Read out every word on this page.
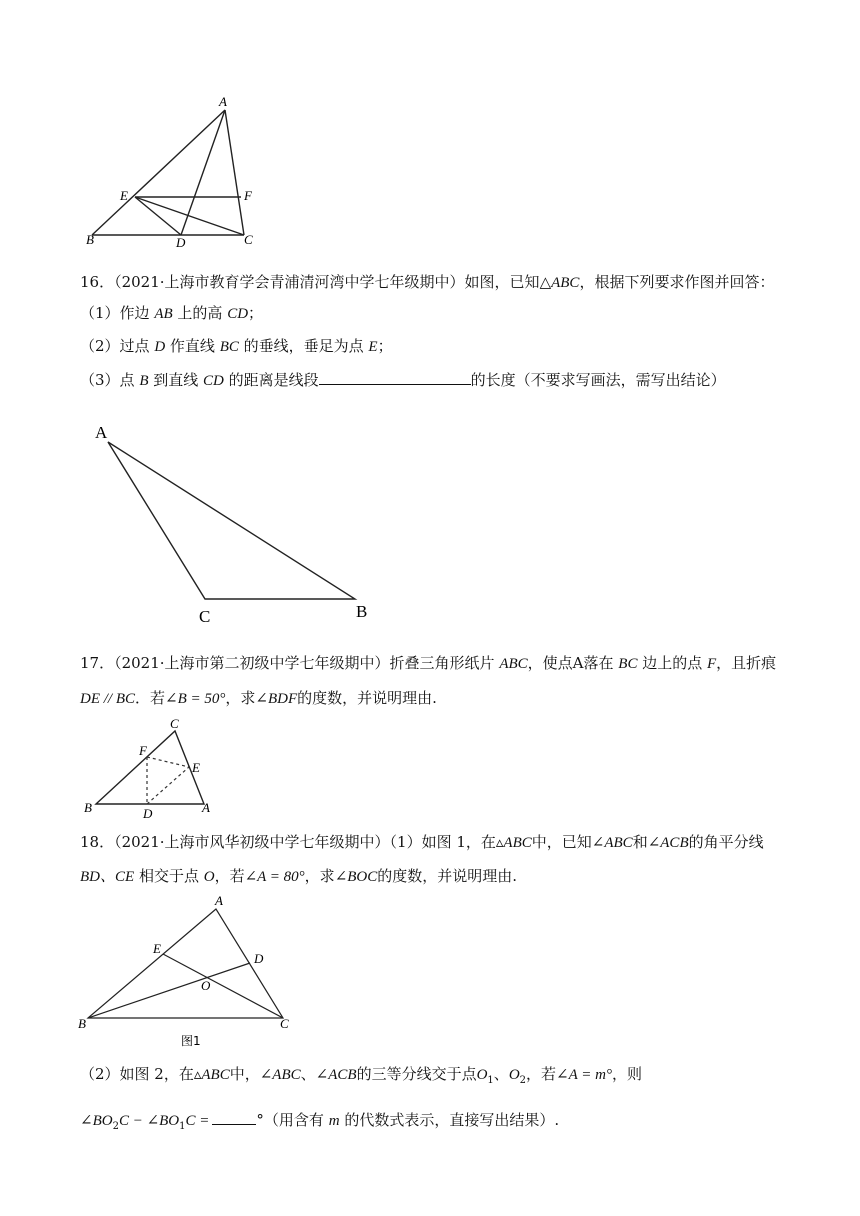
A
E	F
B	D	C
16．（2021·上海市教育学会青浦清河湾中学七年级期中）如图，已知△ABC，根据下列要求作图并回答：
（1）作边 AB 上的高 CD；
（2）过点 D 作直线 BC 的垂线，垂足为点 E；
（3）点 B 到直线 CD 的距离是线段	的长度（不要求写画法，需写出结论）
A
C	B
17．（2021·上海市第二初级中学七年级期中）折叠三角形纸片 ABC，使点A落在 BC 边上的点 F，且折痕
DE // BC．若∠B = 50°，求∠BDF的度数，并说明理由.
C
F
E
B	D	A
18．（2021·上海市风华初级中学七年级期中）（1）如图 1，在▵ABC中，已知∠ABC和∠ACB的角平分线
BD、CE 相交于点 O，若∠A = 80°，求∠BOC的度数，并说明理由.
A
E
D
O
B	C
图1
（2）如图 2，在▵ABC中，∠ABC、∠ACB的三等分线交于点$O_1$、$O_2$，若∠A = m°，则
$\angle BO_2C$ − $\angle BO_1C$ =	°（用含有 m 的代数式表示，直接写出结果）.
